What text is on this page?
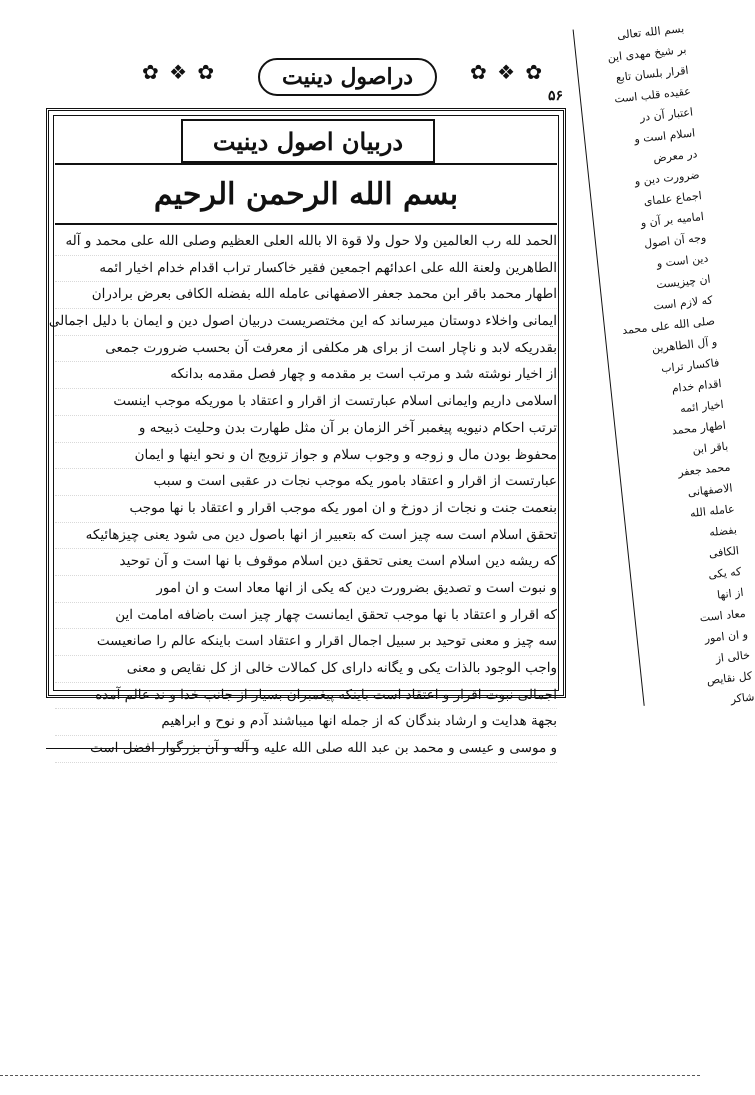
✿ ❖ ✿	دراصول دینیت	✿ ❖ ✿
۵۶
دربیان اصول دینیت
بسم الله الرحمن الرحیم
الحمد لله رب العالمین ولا حول ولا قوة الا بالله العلی العظیم وصلی الله علی محمد و آله
الطاهرین ولعنة الله علی اعدائهم اجمعین فقیر خاکسار تراب اقدام خدام اخیار ائمه
اطهار محمد باقر ابن محمد جعفر الاصفهانی عامله الله بفضله الکافی بعرض برادران
ایمانی واخلاء دوستان میرساند که این مختصریست دربیان اصول دین و ایمان با دلیل اجمالی
بقدریکه لابد و ناچار است از برای هر مکلفی از معرفت آن بحسب ضرورت جمعی
از اخیار نوشته شد و مرتب است بر مقدمه و چهار فصل مقدمه بدانکه
اسلامی داریم وایمانی اسلام عبارتست از اقرار و اعتقاد با موریکه موجب اینست
ترتب احکام دنیویه پیغمبر آخر الزمان بر آن مثل طهارت بدن وحلیت ذبیحه و
محفوظ بودن مال و زوجه و وجوب سلام و جواز تزویج ان و نحو اینها و ایمان
عبارتست از اقرار و اعتقاد بامور یکه موجب نجات در عقبی است و سبب
بنعمت جنت و نجات از دوزخ و ان امور یکه موجب اقرار و اعتقاد با نها موجب
تحقق اسلام است سه چیز است که بتعبیر از انها باصول دین می شود یعنی چیزهائیکه
که ریشه دین اسلام است یعنی تحقق دین اسلام موقوف با نها است و آن توحید
و نبوت است و تصدیق بضرورت دین که یکی از انها معاد است و ان امور
که اقرار و اعتقاد با نها موجب تحقق ایمانست چهار چیز است باضافه امامت این
سه چیز و معنی توحید بر سبیل اجمال اقرار و اعتقاد است باینکه عالم را صانعیست
واجب الوجود بالذات یکی و یگانه دارای کل کمالات خالی از کل نقایص و معنی
اجمالی نبوت اقرار و اعتقاد است باینکه پیغمبران بسیار از جانب خدا و ند عالم آمده
بجهة هدایت و ارشاد بندگان که از جمله انها میباشند آدم و نوح و ابراهیم
و موسی و عیسی و محمد بن عبد الله صلی الله علیه و آله و آن بزرگوار افضل است
بسم الله تعالی
بر شیخ مهدی این
اقرار بلسان تابع
عقیده قلب است
اعتبار آن در
اسلام است و
در معرض
ضرورت دین و
اجماع علمای
امامیه بر آن و
وجه آن اصول
دین است و
ان چیزیست
که لازم است
صلی الله علی محمد
و آل الطاهرین
فاکسار تراب
اقدام خدام
اخیار ائمه
اطهار محمد
باقر ابن
محمد جعفر
الاصفهانی
عامله الله
بفضله
الکافی
که یکی
از انها
معاد است
و ان امور
خالی از
کل نقایص
شاکر
